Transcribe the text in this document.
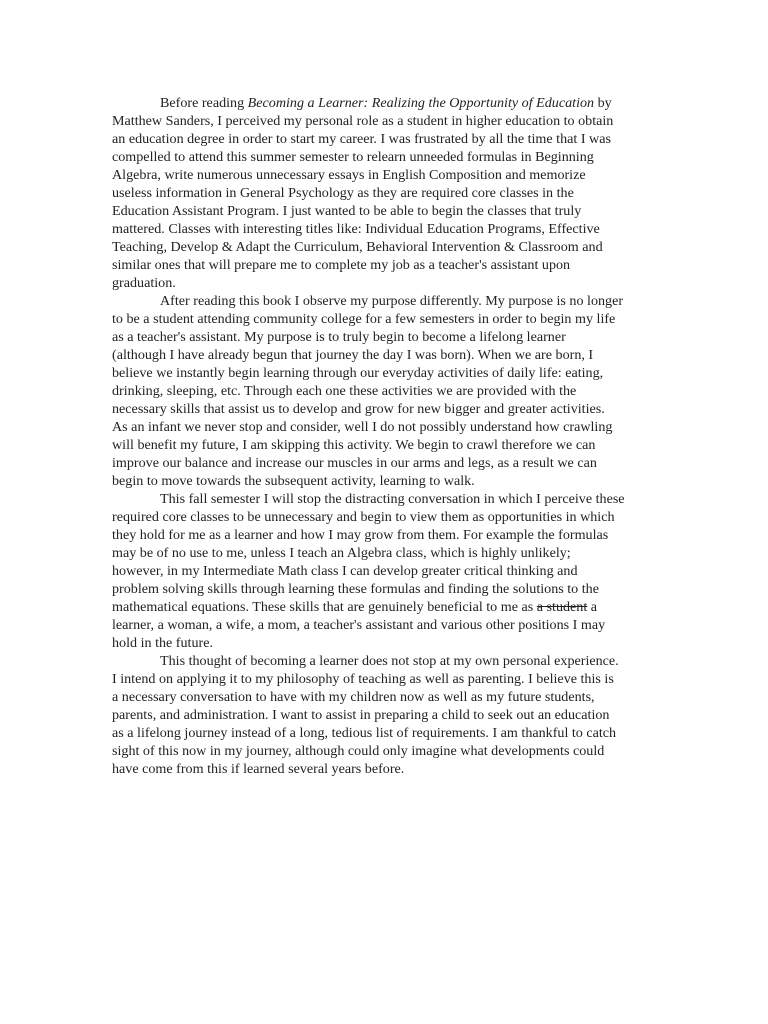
Before reading Becoming a Learner: Realizing the Opportunity of Education by
Matthew Sanders, I perceived my personal role as a student in higher education to obtain
an education degree in order to start my career. I was frustrated by all the time that I was
compelled to attend this summer semester to relearn unneeded formulas in Beginning
Algebra, write numerous unnecessary essays in English Composition and memorize
useless information in General Psychology as they are required core classes in the
Education Assistant Program. I just wanted to be able to begin the classes that truly
mattered. Classes with interesting titles like: Individual Education Programs, Effective
Teaching, Develop & Adapt the Curriculum, Behavioral Intervention & Classroom and
similar ones that will prepare me to complete my job as a teacher's assistant upon
graduation.
After reading this book I observe my purpose differently. My purpose is no longer
to be a student attending community college for a few semesters in order to begin my life
as a teacher's assistant. My purpose is to truly begin to become a lifelong learner
(although I have already begun that journey the day I was born). When we are born, I
believe we instantly begin learning through our everyday activities of daily life: eating,
drinking, sleeping, etc. Through each one these activities we are provided with the
necessary skills that assist us to develop and grow for new bigger and greater activities.
As an infant we never stop and consider, well I do not possibly understand how crawling
will benefit my future, I am skipping this activity. We begin to crawl therefore we can
improve our balance and increase our muscles in our arms and legs, as a result we can
begin to move towards the subsequent activity, learning to walk.
This fall semester I will stop the distracting conversation in which I perceive these
required core classes to be unnecessary and begin to view them as opportunities in which
they hold for me as a learner and how I may grow from them. For example the formulas
may be of no use to me, unless I teach an Algebra class, which is highly unlikely;
however, in my Intermediate Math class I can develop greater critical thinking and
problem solving skills through learning these formulas and finding the solutions to the
mathematical equations. These skills that are genuinely beneficial to me as a student a
learner, a woman, a wife, a mom, a teacher's assistant and various other positions I may
hold in the future.
This thought of becoming a learner does not stop at my own personal experience.
I intend on applying it to my philosophy of teaching as well as parenting. I believe this is
a necessary conversation to have with my children now as well as my future students,
parents, and administration. I want to assist in preparing a child to seek out an education
as a lifelong journey instead of a long, tedious list of requirements. I am thankful to catch
sight of this now in my journey, although could only imagine what developments could
have come from this if learned several years before.
